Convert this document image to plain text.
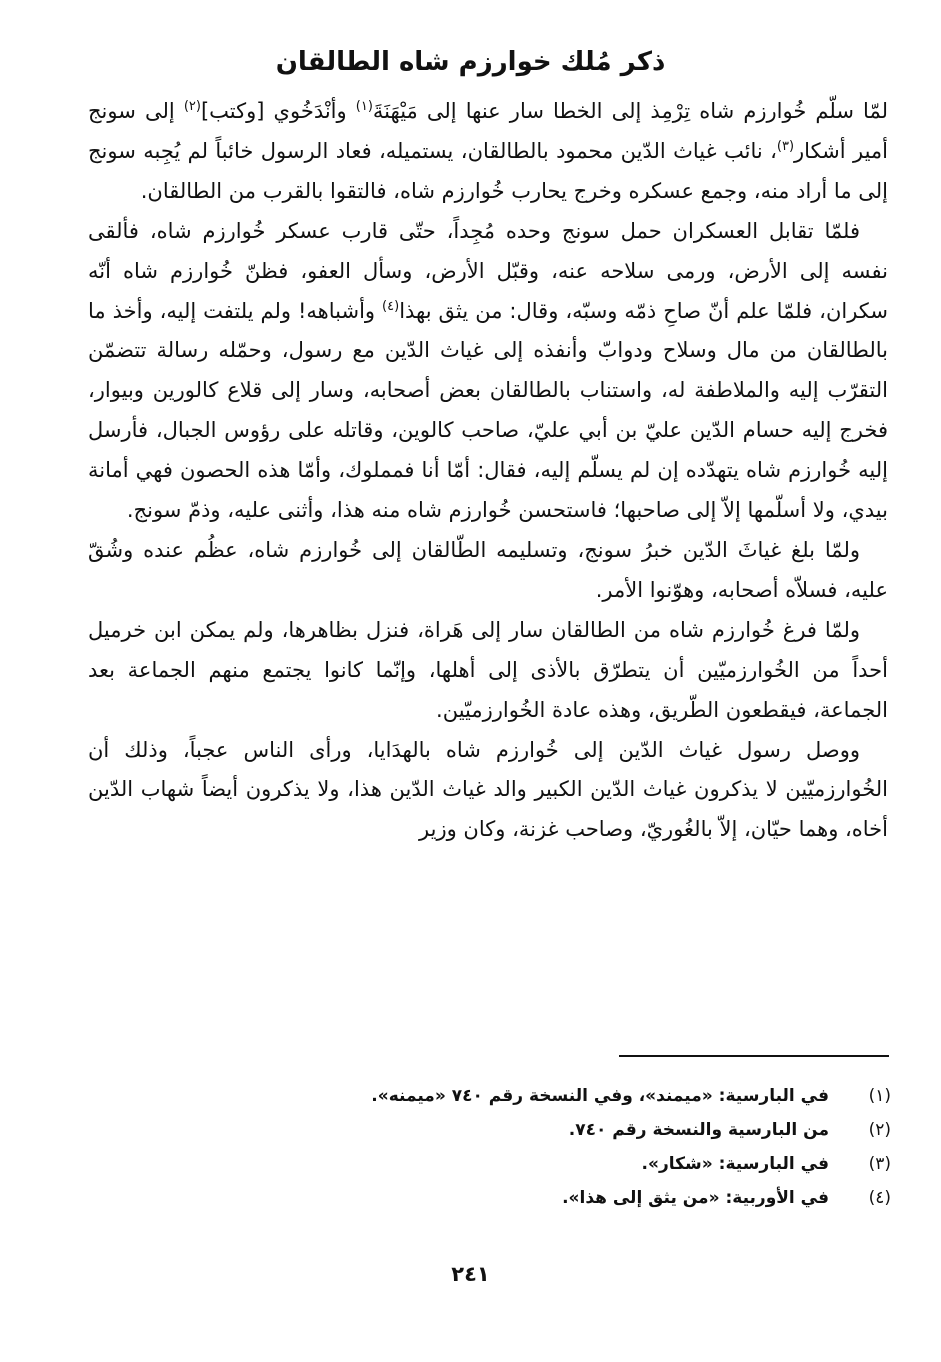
ذكر مُلك خوارزم شاه الطالقان

لمّا سلّم خُوارزم شاه تِرْمِذ إلى الخطا سار عنها إلى مَيْهَنَةَ$^{(١)}$ وأنْدَخُوي [وكتب]$^{(٢)}$ إلى سونج أمير أشكار$^{(٣)}$، نائب غياث الدّين محمود بالطالقان، يستميله، فعاد الرسول خائباً لم يُجِبه سونج إلى ما أراد منه، وجمع عسكره وخرج يحارب خُوارزم شاه، فالتقوا بالقرب من الطالقان.

فلمّا تقابل العسكران حمل سونج وحده مُجِداً، حتّى قارب عسكر خُوارزم شاه، فألقى نفسه إلى الأرض، ورمى سلاحه عنه، وقبّل الأرض، وسأل العفو، فظنّ خُوارزم شاه أنّه سكران، فلمّا علم أنّ صاحِ ذمّه وسبّه، وقال: من يثق بهذا$^{(٤)}$ وأشباهه! ولم يلتفت إليه، وأخذ ما بالطالقان من مال وسلاح ودوابّ وأنفذه إلى غياث الدّين مع رسول، وحمّله رسالة تتضمّن التقرّب إليه والملاطفة له، واستناب بالطالقان بعض أصحابه، وسار إلى قلاع كالورين وبيوار، فخرج إليه حسام الدّين عليّ بن أبي عليّ، صاحب كالوين، وقاتله على رؤوس الجبال، فأرسل إليه خُوارزم شاه يتهدّده إن لم يسلّم إليه، فقال: أمّا أنا فمملوك، وأمّا هذه الحصون فهي أمانة بيدي، ولا أسلّمها إلاّ إلى صاحبها؛ فاستحسن خُوارزم شاه منه هذا، وأثنى عليه، وذمّ سونج.

ولمّا بلغ غياثَ الدّين خبرُ سونج، وتسليمه الطّالقان إلى خُوارزم شاه، عظُم عنده وشُقّ عليه، فسلاّه أصحابه، وهوّنوا الأمر.

ولمّا فرغ خُوارزم شاه من الطالقان سار إلى هَراة، فنزل بظاهرها، ولم يمكن ابن خرميل أحداً من الخُوارزميّين أن يتطرّق بالأذى إلى أهلها، وإنّما كانوا يجتمع منهم الجماعة بعد الجماعة، فيقطعون الطّريق، وهذه عادة الخُوارزميّين.

ووصل رسول غياث الدّين إلى خُوارزم شاه بالهدَايا، ورأى الناس عجباً، وذلك أن الخُوارزميّين لا يذكرون غياث الدّين الكبير والد غياث الدّين هذا، ولا يذكرون أيضاً شهاب الدّين أخاه، وهما حيّان، إلاّ بالغُوريّ، وصاحب غزنة، وكان وزير

(١)
في البارسية: «ميمند»، وفي النسخة رقم ٧٤٠ «ميمنه».
(٢)
من البارسية والنسخة رقم ٧٤٠.
(٣)
في البارسية: «شكار».
(٤)
في الأوربية: «من يثق إلى هذا».
٢٤١
